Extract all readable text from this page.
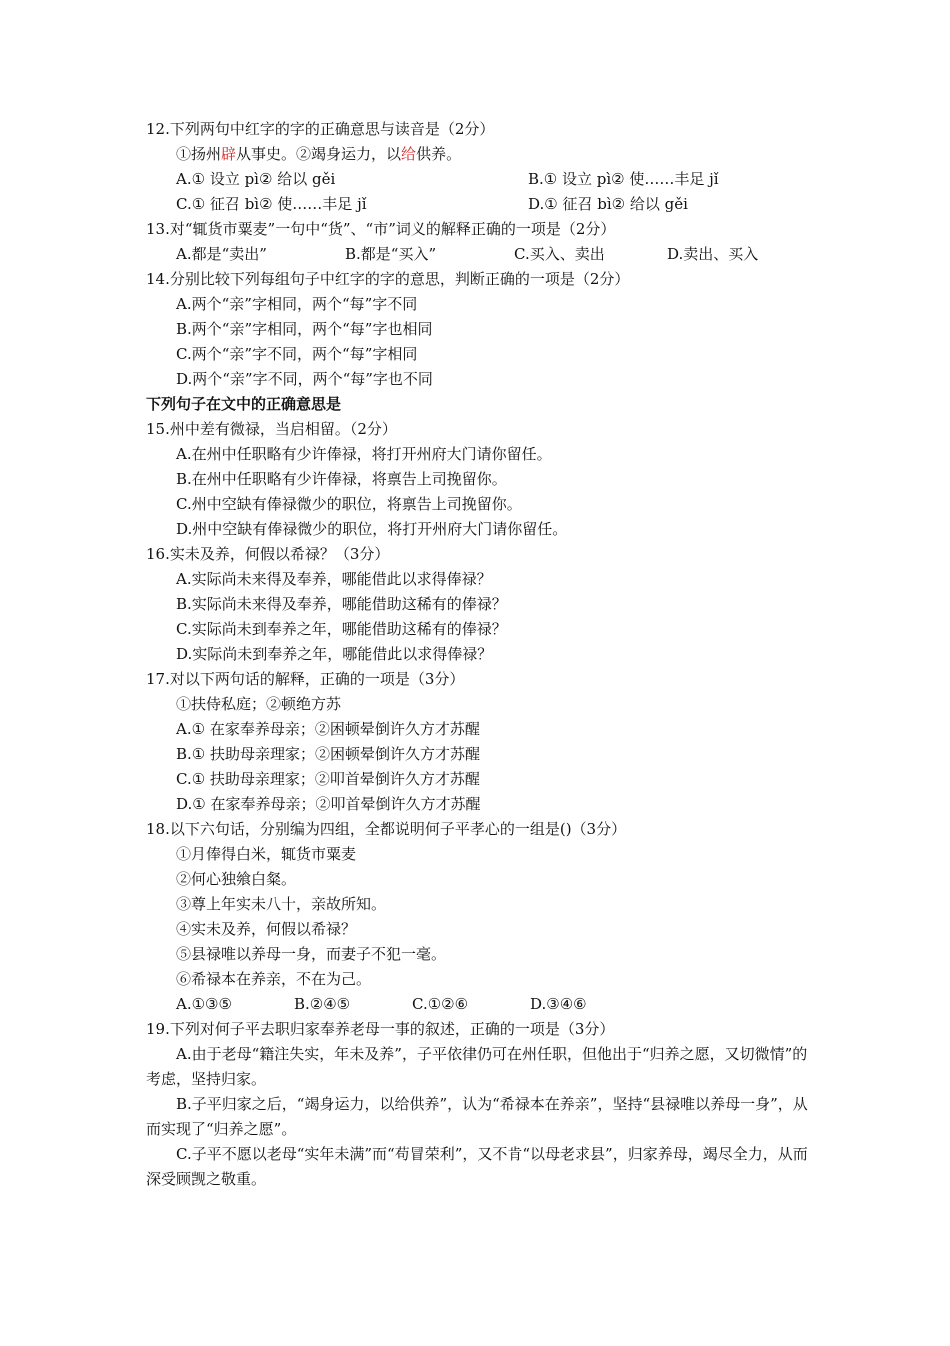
12.下列两句中红字的字的正确意思与读音是（2分）
①扬州辟从事史。②竭身运力，以给供养。
A.① 设立 pì② 给以 gěi	B.① 设立 pì② 使……丰足 jǐ
C.① 征召 bì② 使……丰足 jǐ	D.① 征召 bì② 给以 gěi
13.对“辄货市粟麦”一句中“货”、“市”词义的解释正确的一项是（2分）
A.都是“卖出”	B.都是“买入”	C.买入、卖出	D.卖出、买入
14.分别比较下列每组句子中红字的字的意思，判断正确的一项是（2分）
A.两个“亲”字相同，两个“每”字不同
B.两个“亲”字相同，两个“每”字也相同
C.两个“亲”字不同，两个“每”字相同
D.两个“亲”字不同，两个“每”字也不同
下列句子在文中的正确意思是
15.州中差有微禄，当启相留。（2分）
A.在州中任职略有少许俸禄，将打开州府大门请你留任。
B.在州中任职略有少许俸禄，将禀告上司挽留你。
C.州中空缺有俸禄微少的职位，将禀告上司挽留你。
D.州中空缺有俸禄微少的职位，将打开州府大门请你留任。
16.实未及养，何假以希禄？（3分）
A.实际尚未来得及奉养，哪能借此以求得俸禄？
B.实际尚未来得及奉养，哪能借助这稀有的俸禄？
C.实际尚未到奉养之年，哪能借助这稀有的俸禄？
D.实际尚未到奉养之年，哪能借此以求得俸禄？
17.对以下两句话的解释，正确的一项是（3分）
①扶侍私庭；②顿绝方苏
A.① 在家奉养母亲；②困顿晕倒许久方才苏醒
B.① 扶助母亲理家；②困顿晕倒许久方才苏醒
C.① 扶助母亲理家；②叩首晕倒许久方才苏醒
D.① 在家奉养母亲；②叩首晕倒许久方才苏醒
18.以下六句话，分别编为四组，全都说明何子平孝心的一组是()（3分）
①月俸得白米，辄货市粟麦
②何心独飨白粲。
③尊上年实未八十，亲故所知。
④实未及养，何假以希禄？
⑤县禄唯以养母一身，而妻子不犯一毫。
⑥希禄本在养亲，不在为己。
A.①③⑤	B.②④⑤	C.①②⑥	D.③④⑥
19.下列对何子平去职归家奉养老母一事的叙述，正确的一项是（3分）
A.由于老母“籍注失实，年未及养”，子平依律仍可在州任职，但他出于“归养之愿，又切微情”的考虑，坚持归家。
B.子平归家之后，“竭身运力，以给供养”，认为“希禄本在养亲”，坚持“县禄唯以养母一身”，从而实现了“归养之愿”。
C.子平不愿以老母“实年未满”而“苟冒荣利”，又不肯“以母老求县”，归家养母，竭尽全力，从而深受顾觊之敬重。
